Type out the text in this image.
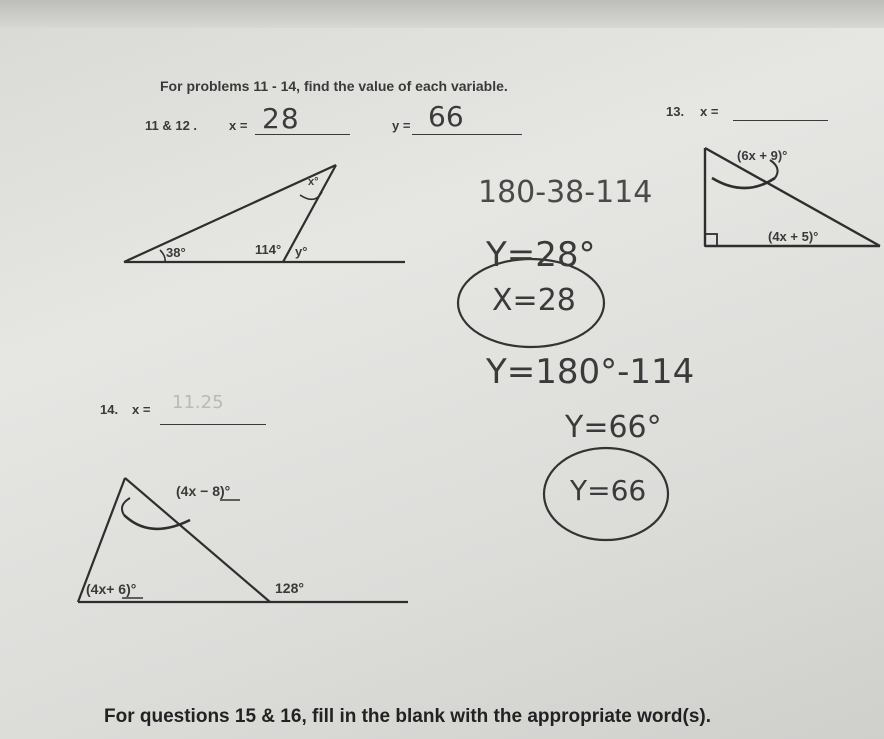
For problems 11 - 14, find the value of each variable.
11 & 12 . x = 28	y = 66	13. x =
x°
38°	114° y°
(6x + 9)°
(4x + 5)°
14. x = 11.25
(4x − 8)°
(4x+ 6)°	128°
180-38-114
Y=28°
X=28
Y=180°-114
Y=66°
Y=66
For questions 15 & 16, fill in the blank with the appropriate word(s).
